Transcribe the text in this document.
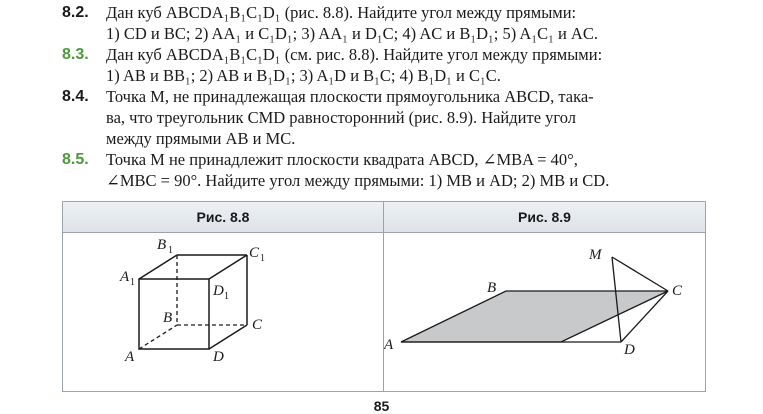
8.2.	Дан куб ABCDA₁B₁C₁D₁ (рис. 8.8). Найдите угол между прямыми:
1) CD и BC; 2) AA₁ и C₁D₁; 3) AA₁ и D₁C; 4) AC и B₁D₁; 5) A₁C₁ и AC.
8.3.	Дан куб ABCDA₁B₁C₁D₁ (см. рис. 8.8). Найдите угол между прямыми:
1) AB и BB₁; 2) AB и B₁D₁; 3) A₁D и B₁C; 4) B₁D₁ и C₁C.
8.4.	Точка M, не принадлежащая плоскости прямоугольника ABCD, така-
ва, что треугольник CMD равносторонний (рис. 8.9). Найдите угол
между прямыми AB и MC.
8.5.	Точка M не принадлежит плоскости квадрата ABCD, ∠MBA = 40°,
∠MBC = 90°. Найдите угол между прямыми: 1) MB и AD; 2) MB и CD.
Рис. 8.8	Рис. 8.9
B 1	C 1
A 1
D 1
B	C
A	D
M
B	C
A	D
85
